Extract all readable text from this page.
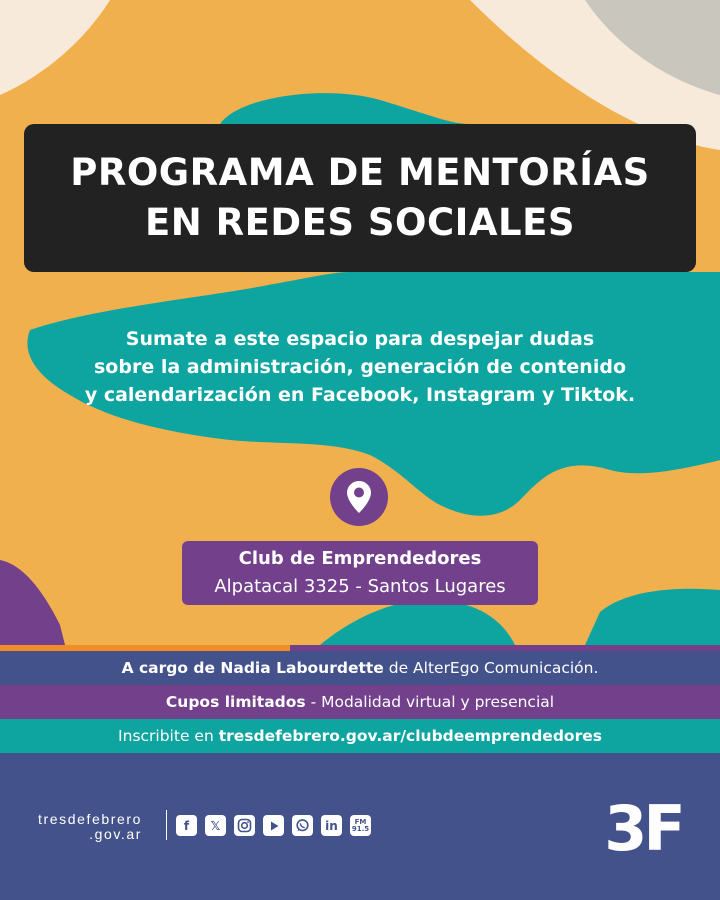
PROGRAMA DE MENTORÍAS
EN REDES SOCIALES
Sumate a este espacio para despejar dudas
sobre la administración, generación de contenido
y calendarización en Facebook, Instagram y Tiktok.
Club de Emprendedores
Alpatacal 3325 - Santos Lugares
A cargo de Nadia Labourdette de AlterEgo Comunicación.
Cupos limitados - Modalidad virtual y presencial
Inscribite en tresdefebrero.gov.ar/clubdeemprendedores
tresdefebrero
.gov.ar
f	𝕏	in	FM
91.5	3F
